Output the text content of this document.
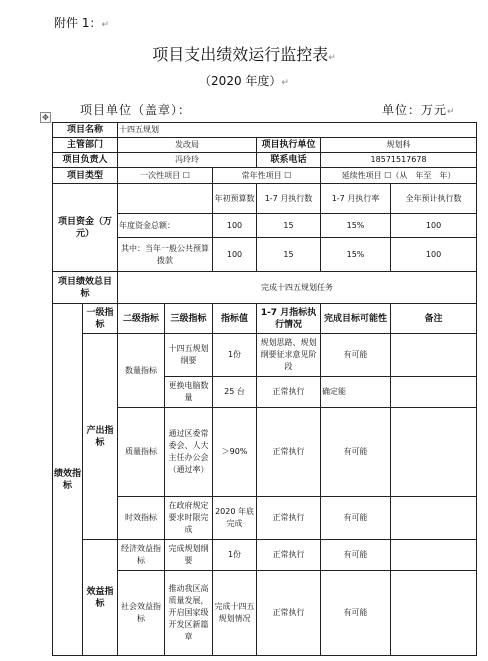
附件 1：↵
项目支出绩效运行监控表↵
（2020 年度）↵
项目单位（盖章）：	单位：万元↵
✥
项目名称		十四五规划					
主管部门		发改局			项目执行单位	规划科	
项目负责人		冯玲玲			联系电话	18571517678	
项目类型		一次性项目 ☐		常年性项目 ☐		延续性项目 ☐（从　年至　年）	
项目资金（万元）				年初预算数	1-7 月执行数	1-7 月执行率	全年预计执行数
		年度资金总额：		100	15	15%	100
		其中：当年一般公共预算拨款		100	15	15%	100
项目绩效总目标		完成十四五规划任务					
绩效指标	一级指标	二级指标	三级指标	指标值	1-7 月指标执行情况	完成目标可能性	备注
	产出指标	数量指标	十四五规划纲要	1份	规划思路、规划纲要征求意见阶段	有可能	
			更换电脑数量	25 台	正常执行	确定能	
		质量指标	通过区委常委会、人大主任办公会（通过率）	＞90%	正常执行	有可能	
		时效指标	在政府规定要求时限完成	2020 年底完成	正常执行	有可能	
	效益指标	经济效益指标	完成规划纲要	1份	正常执行	有可能	
		社会效益指标	推动我区高质量发展，开启国家级开发区新篇章	完成十四五规划情况	正常执行	有可能	
